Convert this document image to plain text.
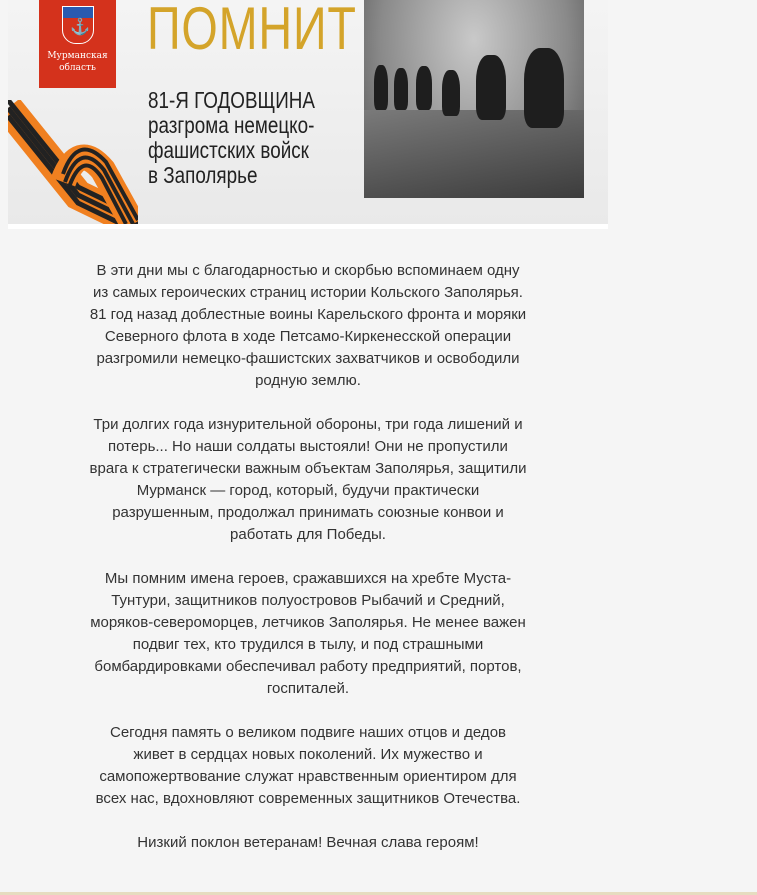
⚓
Мурманская
область
ПОМНИТ
81-Я ГОДОВЩИНА
разгрома немецко-
фашистских войск
в Заполярье

В эти дни мы с благодарностью и скорбью вспоминаем одну
из самых героических страниц истории Кольского Заполярья.
81 год назад доблестные воины Карельского фронта и моряки
Северного флота в ходе Петсамо-Киркенесской операции
разгромили немецко-фашистских захватчиков и освободили
родную землю.

Три долгих года изнурительной обороны, три года лишений и
потерь... Но наши солдаты выстояли! Они не пропустили
врага к стратегически важным объектам Заполярья, защитили
Мурманск — город, который, будучи практически
разрушенным, продолжал принимать союзные конвои и
работать для Победы.

Мы помним имена героев, сражавшихся на хребте Муста-
Тунтури, защитников полуостровов Рыбачий и Средний,
моряков-североморцев, летчиков Заполярья. Не менее важен
подвиг тех, кто трудился в тылу, и под страшными
бомбардировками обеспечивал работу предприятий, портов,
госпиталей.

Сегодня память о великом подвиге наших отцов и дедов
живет в сердцах новых поколений. Их мужество и
самопожертвование служат нравственным ориентиром для
всех нас, вдохновляют современных защитников Отечества.

Низкий поклон ветеранам! Вечная слава героям!
